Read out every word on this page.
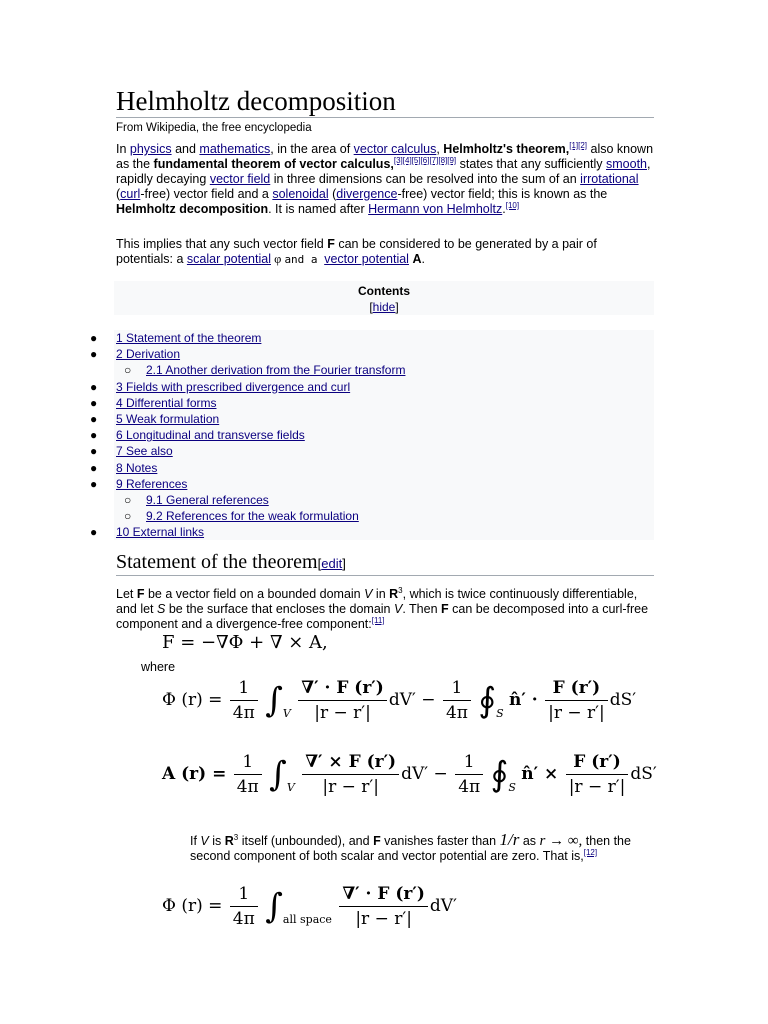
Helmholtz decomposition
From Wikipedia, the free encyclopedia

In physics and mathematics, in the area of vector calculus, Helmholtz's theorem,[1][2] also known as the fundamental theorem of vector calculus,[3][4][5][6][7][8][9] states that any sufficiently smooth, rapidly decaying vector field in three dimensions can be resolved into the sum of an irrotational (curl-free) vector field and a solenoidal (divergence-free) vector field; this is known as the Helmholtz decomposition. It is named after Hermann von Helmholtz.[10]

This implies that any such vector field F can be considered to be generated by a pair of potentials: a scalar potential φ and a vector potential A.

Contents
[hide]
● 1 Statement of the theorem
● 2 Derivation
○ 2.1 Another derivation from the Fourier transform
● 3 Fields with prescribed divergence and curl
● 4 Differential forms
● 5 Weak formulation
● 6 Longitudinal and transverse fields
● 7 See also
● 8 Notes
● 9 References
○ 9.1 General references
○ 9.2 References for the weak formulation
● 10 External links
Statement of the theorem[edit]

Let F be a vector field on a bounded domain V in $R^3$, which is twice continuously differentiable, and let S be the surface that encloses the domain V. Then F can be decomposed into a curl-free component and a divergence-free component:[11]

F = −∇Φ + ∇ × A,
where
Φ $(r) = \frac{1}{4\pi} \int_V \frac{\nabla' \cdot F (r')}{|r - r'|} dV' - \frac{1}{4\pi}$ $∮_S$ n̂′ · $\frac{F (r')}{|r - r'|} dS'$
A $(r) = \frac{1}{4\pi} \int_V \frac{\nabla' \times F (r')}{|r - r'|} dV' - \frac{1}{4\pi}$ $∮_S$ n̂′ × $\frac{F (r')}{|r - r'|} dS'$

If V is $R^3$ itself (unbounded), and F vanishes faster than 1/r as r → ∞, then the second component of both scalar and vector potential are zero. That is,[12]

Φ $(r) = \frac{1}{4\pi} \int_{all space} \frac{\nabla' \cdot F (r')}{|r - r'|} dV'$
